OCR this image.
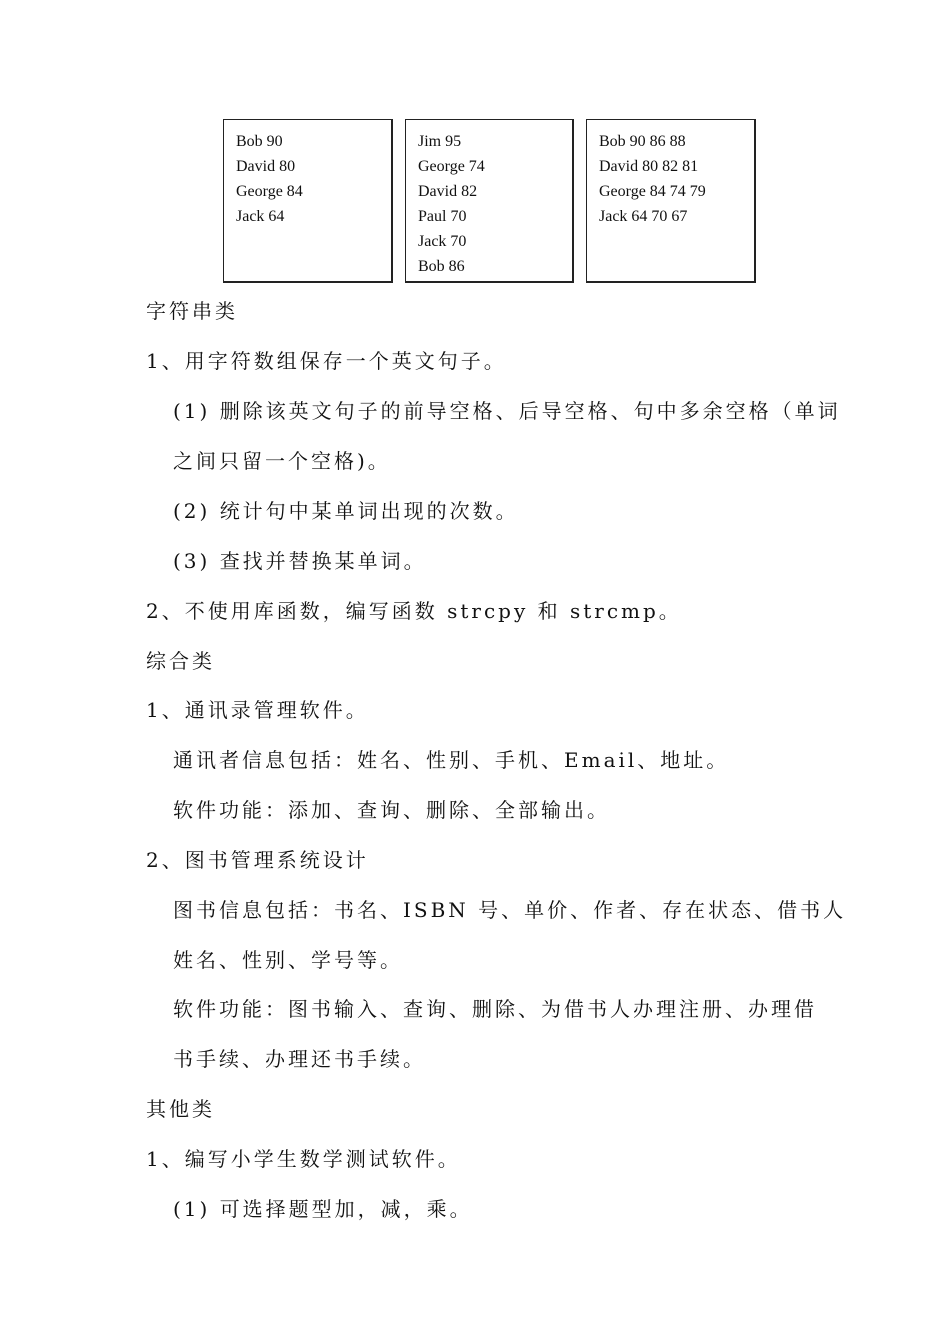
Bob 90
David 80
George 84
Jack 64
Jim 95
George 74
David 82
Paul 70
Jack 70
Bob 86
Bob 90 86 88
David 80 82 81
George 84 74 79
Jack 64 70 67
字符串类
1、用字符数组保存一个英文句子。
(1) 删除该英文句子的前导空格、后导空格、句中多余空格（单词
之间只留一个空格)。
(2) 统计句中某单词出现的次数。
(3) 查找并替换某单词。
2、不使用库函数，编写函数 strcpy 和 strcmp。
综合类
1、通讯录管理软件。
通讯者信息包括：姓名、性别、手机、Email、地址。
软件功能：添加、查询、删除、全部输出。
2、图书管理系统设计
图书信息包括：书名、ISBN 号、单价、作者、存在状态、借书人
姓名、性别、学号等。
软件功能：图书输入、查询、删除、为借书人办理注册、办理借
书手续、办理还书手续。
其他类
1、编写小学生数学测试软件。
(1) 可选择题型加，减，乘。
